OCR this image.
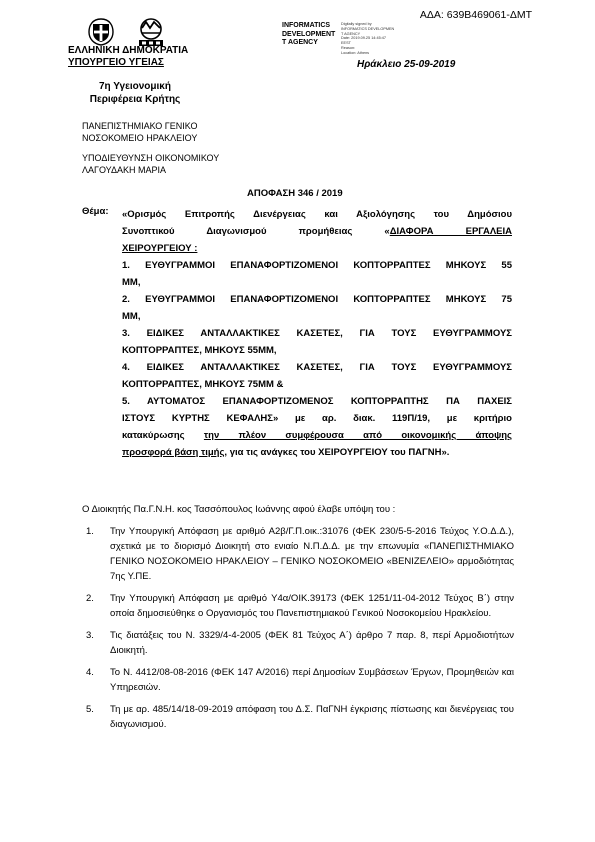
ΑΔΑ: 639Β469061-ΔΜΤ
ΕΛΛΗΝΙΚΗ ΔΗΜΟΚΡΑΤΙΑ
ΥΠΟΥΡΓΕΙΟ ΥΓΕΙΑΣ
INFORMATICS
DEVELOPMENT
T AGENCY
Digitally signed by
INFORMATICS DEVELOPMEN
T AGENCY
Date: 2019.09.25 14:45:47
EEST
Reason:
Location: Athens
Ηράκλειο 25-09-2019
7η Υγειονομική
Περιφέρεια Κρήτης
ΠΑΝΕΠΙΣΤΗΜΙΑΚΟ ΓΕΝΙΚΟ
ΝΟΣΟΚΟΜΕΙΟ ΗΡΑΚΛΕΙΟΥ
ΥΠΟΔΙΕΥΘΥΝΣΗ ΟΙΚΟΝΟΜΙΚΟΥ
ΛΑΓΟΥΔΑΚΗ ΜΑΡΙΑ
ΑΠΟΦΑΣΗ 346 / 2019
Θέμα: «Ορισμός Επιτροπής Διενέργειας και Αξιολόγησης του Δημόσιου

Συνοπτικού Διαγωνισμού προμήθειας «ΔΙΑΦΟΡΑ ΕΡΓΑΛΕΙΑ

ΧΕΙΡΟΥΡΓΕΙΟΥ :

1. ΕΥΘΥΓΡΑΜΜΟΙ ΕΠΑΝΑΦΟΡΤΙΖΟΜΕΝΟΙ ΚΟΠΤΟΡΡΑΠΤΕΣ ΜΗΚΟΥΣ 55

ΜΜ,

2. ΕΥΘΥΓΡΑΜΜΟΙ ΕΠΑΝΑΦΟΡΤΙΖΟΜΕΝΟΙ ΚΟΠΤΟΡΡΑΠΤΕΣ ΜΗΚΟΥΣ 75

ΜΜ,

3. ΕΙΔΙΚΕΣ ΑΝΤΑΛΛΑΚΤΙΚΕΣ ΚΑΣΕΤΕΣ, ΓΙΑ ΤΟΥΣ ΕΥΘΥΓΡΑΜΜΟΥΣ

ΚΟΠΤΟΡΡΑΠΤΕΣ, ΜΗΚΟΥΣ 55ΜΜ,

4. ΕΙΔΙΚΕΣ ΑΝΤΑΛΛΑΚΤΙΚΕΣ ΚΑΣΕΤΕΣ, ΓΙΑ ΤΟΥΣ ΕΥΘΥΓΡΑΜΜΟΥΣ

ΚΟΠΤΟΡΡΑΠΤΕΣ, ΜΗΚΟΥΣ 75ΜΜ &

5. ΑΥΤΟΜΑΤΟΣ ΕΠΑΝΑΦΟΡΤΙΖΟΜΕΝΟΣ ΚΟΠΤΟΡΡΑΠΤΗΣ ΠΑ ΠΑΧΕΙΣ

ΙΣΤΟΥΣ ΚΥΡΤΗΣ ΚΕΦΑΛΗΣ» με αρ. διακ. 119Π/19, με κριτήριο

κατακύρωσης την πλέον συμφέρουσα από οικονομικής άποψης

προσφορά βάση τιμής, για τις ανάγκες του ΧΕΙΡΟΥΡΓΕΙΟΥ του ΠΑΓΝΗ».

Ο Διοικητής Πα.Γ.Ν.Η. κος Τασσόπουλος Ιωάννης αφού έλαβε υπόψη του :
1. Την Υπουργική Απόφαση με αριθμό Α2β/Γ.Π.οικ.:31076 (ΦΕΚ 230/5-5-2016 Τεύχος Υ.Ο.Δ.Δ.), σχετικά με το διορισμό Διοικητή στο ενιαίο Ν.Π.Δ.Δ. με την επωνυμία «ΠΑΝΕΠΙΣΤΗΜΙΑΚΟ ΓΕΝΙΚΟ ΝΟΣΟΚΟΜΕΙΟ ΗΡΑΚΛΕΙΟΥ – ΓΕΝΙΚΟ ΝΟΣΟΚΟΜΕΙΟ «ΒΕΝΙΖΕΛΕΙΟ» αρμοδιότητας 7ης Υ.ΠΕ.
2. Την Υπουργική Απόφαση με αριθμό Υ4α/ΟΙΚ.39173 (ΦΕΚ 1251/11-04-2012 Τεύχος Β΄) στην οποία δημοσιεύθηκε ο Οργανισμός του Πανεπιστημιακού Γενικού Νοσοκομείου Ηρακλείου.
3. Τις διατάξεις του Ν. 3329/4-4-2005 (ΦΕΚ 81 Τεύχος Α΄) άρθρο 7 παρ. 8, περί Αρμοδιοτήτων Διοικητή.
4. Το Ν. 4412/08-08-2016 (ΦΕΚ 147 Α/2016) περί Δημοσίων Συμβάσεων Έργων, Προμηθειών και Υπηρεσιών.
5. Τη με αρ. 485/14/18-09-2019 απόφαση του Δ.Σ. ΠαΓΝΗ έγκρισης πίστωσης και διενέργειας του διαγωνισμού.
